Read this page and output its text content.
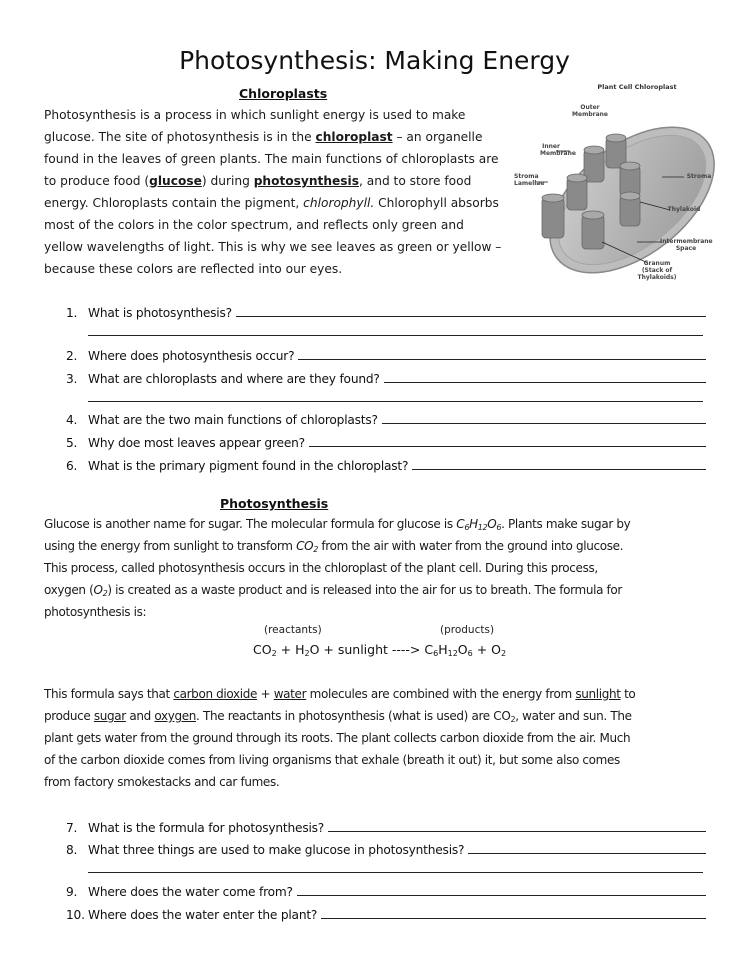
Photosynthesis: Making Energy
Chloroplasts
Photosynthesis is a process in which sunlight energy is used to make
glucose. The site of photosynthesis is in the chloroplast – an organelle
found in the leaves of green plants. The main functions of chloroplasts are
to produce food (glucose) during photosynthesis, and to store food
energy. Chloroplasts contain the pigment, chlorophyll. Chlorophyll absorbs
most of the colors in the color spectrum, and reflects only green and
yellow wavelengths of light. This is why we see leaves as green or yellow –
because these colors are reflected into our eyes.
Plant Cell Chloroplast
Outer Membrane
Inner Membrane
Stroma Lamellae
Stroma
Thylakoid
Intermembrane Space
Granum
(Stack of Thylakoids)
1. What is photosynthesis?
2. Where does photosynthesis occur?
3. What are chloroplasts and where are they found?
4. What are the two main functions of chloroplasts?
5. Why doe most leaves appear green?
6. What is the primary pigment found in the chloroplast?
Photosynthesis
Glucose is another name for sugar. The molecular formula for glucose is $C_6H_{12}O_6$. Plants make sugar by
using the energy from sunlight to transform $CO_2$ from the air with water from the ground into glucose.
This process, called photosynthesis occurs in the chloroplast of the plant cell. During this process,
oxygen $(O_2)$ is created as a waste product and is released into the air for us to breath. The formula for
photosynthesis is:
(reactants)	(products)
$CO_2 + H_2O$ + sunlight ----> $C_6H_{12}O_6 + O_2$
This formula says that carbon dioxide + water molecules are combined with the energy from sunlight to
produce sugar and oxygen. The reactants in photosynthesis (what is used) are $CO_2$, water and sun. The
plant gets water from the ground through its roots. The plant collects carbon dioxide from the air. Much
of the carbon dioxide comes from living organisms that exhale (breath it out) it, but some also comes
from factory smokestacks and car fumes.
7. What is the formula for photosynthesis?
8. What three things are used to make glucose in photosynthesis?
9. Where does the water come from?
10. Where does the water enter the plant?
